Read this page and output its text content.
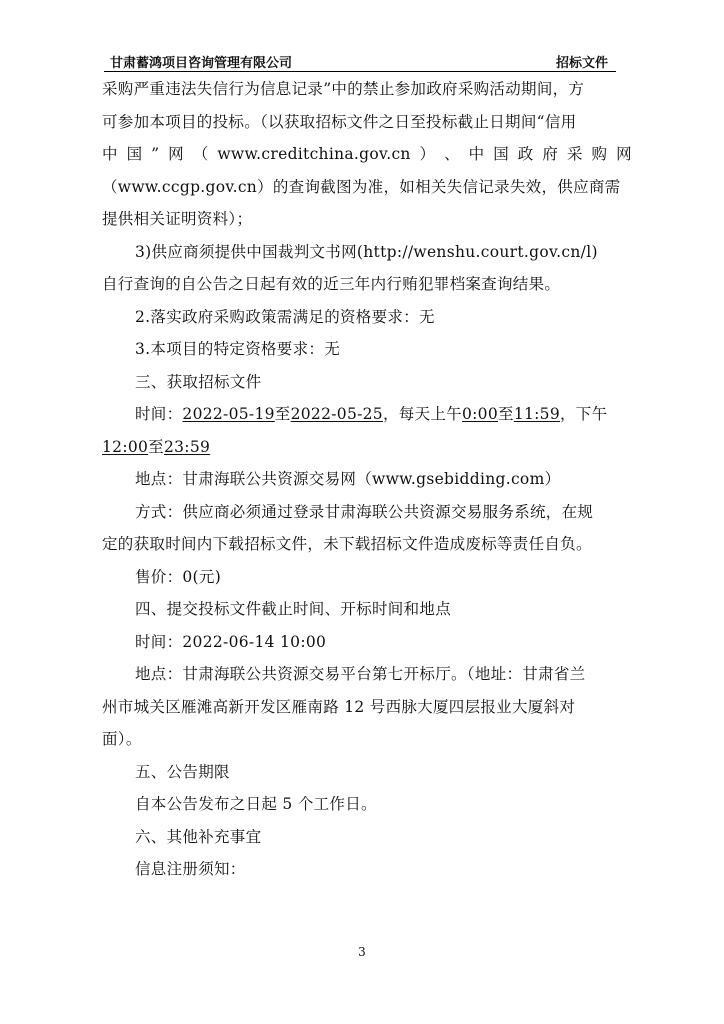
甘肃蓄鸿项目咨询管理有限公司	招标文件
采购严重违法失信行为信息记录”中的禁止参加政府采购活动期间，方
可参加本项目的投标。（以获取招标文件之日至投标截止日期间“信用
中 国 ” 网 （ www.creditchina.gov.cn ） 、 中 国 政 府 采 购 网
（www.ccgp.gov.cn）的查询截图为准，如相关失信记录失效，供应商需
提供相关证明资料）；
3)供应商须提供中国裁判文书网(http://wenshu.court.gov.cn/l)
自行查询的自公告之日起有效的近三年内行贿犯罪档案查询结果。
2.落实政府采购政策需满足的资格要求：无
3.本项目的特定资格要求：无
三、获取招标文件
时间：2022-05-19至2022-05-25，每天上午0:00至11:59，下午
12:00至23:59
地点：甘肃海联公共资源交易网（www.gsebidding.com）
方式：供应商必须通过登录甘肃海联公共资源交易服务系统，在规
定的获取时间内下载招标文件，未下载招标文件造成废标等责任自负。
售价：0(元)
四、提交投标文件截止时间、开标时间和地点
时间：2022-06-14 10:00
地点：甘肃海联公共资源交易平台第七开标厅。（地址：甘肃省兰
州市城关区雁滩高新开发区雁南路 12 号西脉大厦四层报业大厦斜对
面）。
五、公告期限
自本公告发布之日起 5 个工作日。
六、其他补充事宜
信息注册须知：
3
